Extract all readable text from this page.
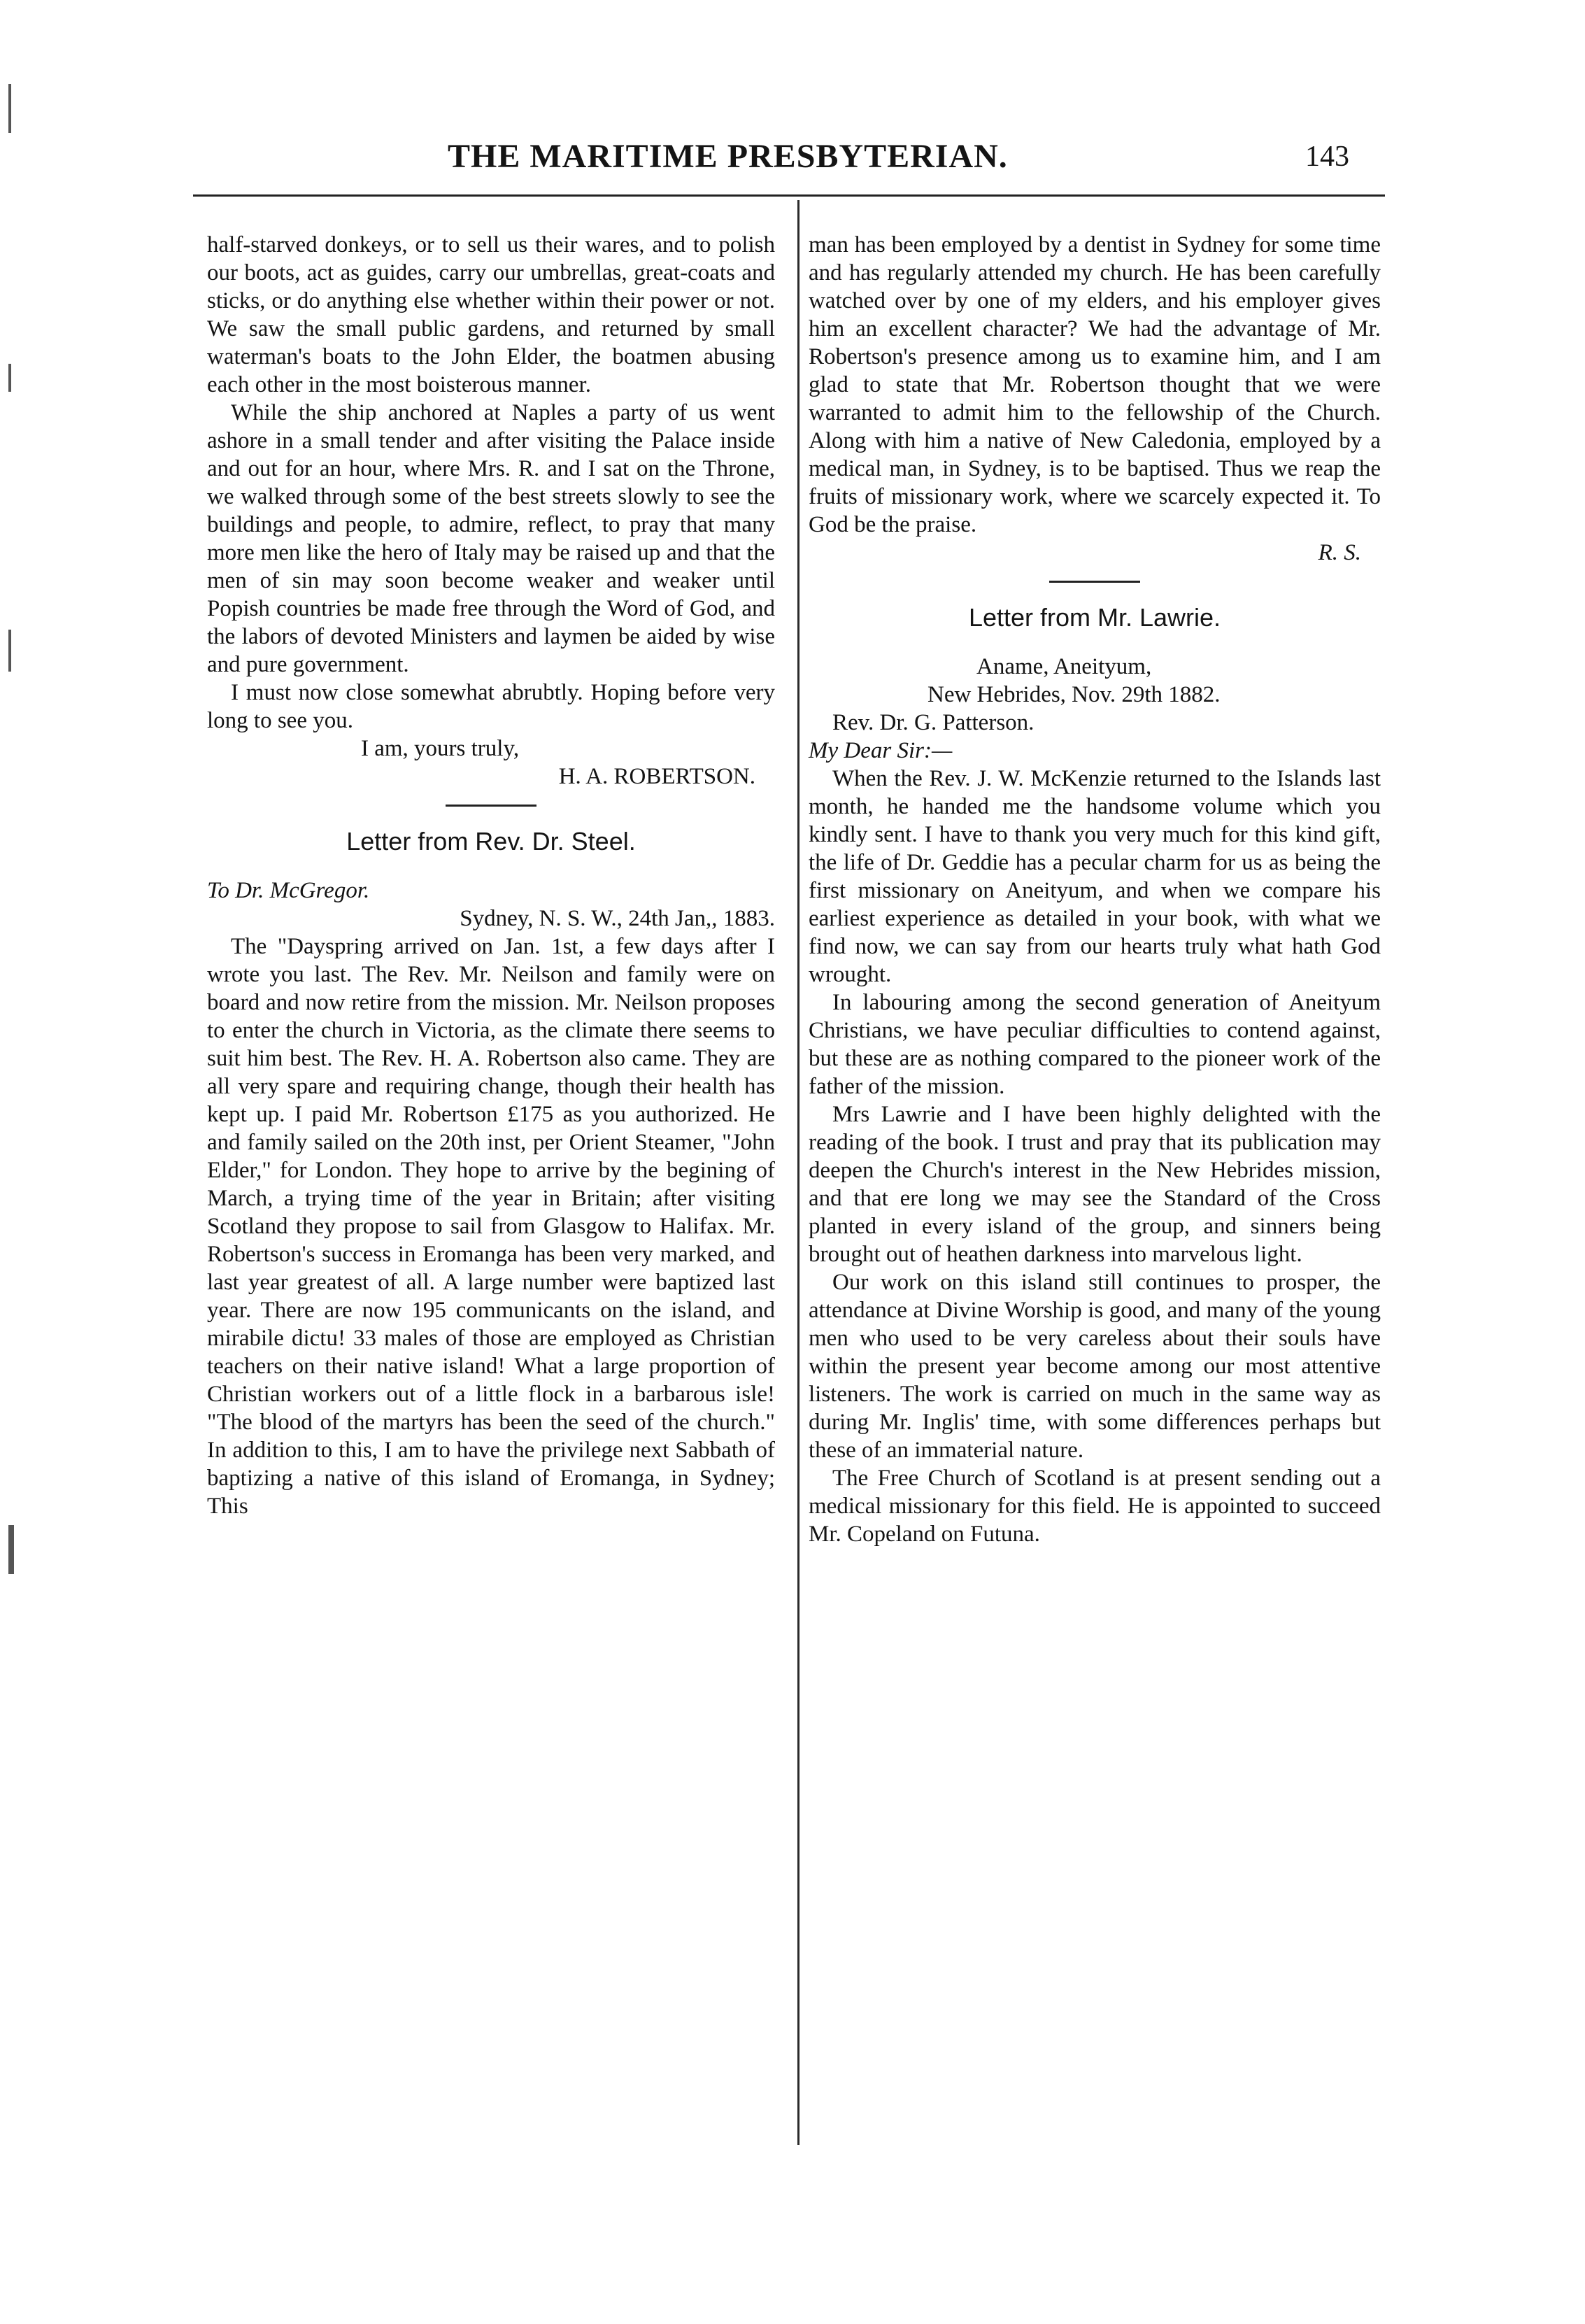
THE MARITIME PRESBYTERIAN.	143

half-starved donkeys, or to sell us their wares, and to polish our boots, act as guides, carry our umbrellas, great-coats and sticks, or do anything else whether within their power or not. We saw the small public gardens, and returned by small waterman's boats to the John Elder, the boatmen abusing each other in the most boisterous manner.

While the ship anchored at Naples a party of us went ashore in a small tender and after visiting the Palace inside and out for an hour, where Mrs. R. and I sat on the Throne, we walked through some of the best streets slowly to see the buildings and people, to admire, reflect, to pray that many more men like the hero of Italy may be raised up and that the men of sin may soon become weaker and weaker until Popish countries be made free through the Word of God, and the labors of devoted Ministers and laymen be aided by wise and pure government.

I must now close somewhat abrubtly. Hoping before very long to see you.

I am, yours truly,

H. A. ROBERTSON.

Letter from Rev. Dr. Steel.

To Dr. McGregor.

Sydney, N. S. W., 24th Jan,, 1883.

The "Dayspring arrived on Jan. 1st, a few days after I wrote you last. The Rev. Mr. Neilson and family were on board and now retire from the mission. Mr. Neilson proposes to enter the church in Victoria, as the climate there seems to suit him best. The Rev. H. A. Robertson also came. They are all very spare and requiring change, though their health has kept up. I paid Mr. Robertson £175 as you authorized. He and family sailed on the 20th inst, per Orient Steamer, "John Elder," for London. They hope to arrive by the begining of March, a trying time of the year in Britain; after visiting Scotland they propose to sail from Glasgow to Halifax. Mr. Robertson's success in Eromanga has been very marked, and last year greatest of all. A large number were baptized last year. There are now 195 communicants on the island, and mirabile dictu! 33 males of those are employed as Christian teachers on their native island! What a large proportion of Christian workers out of a little flock in a barbarous isle! "The blood of the martyrs has been the seed of the church." In addition to this, I am to have the privilege next Sabbath of baptizing a native of this island of Eromanga, in Sydney; This

man has been employed by a dentist in Sydney for some time and has regularly attended my church. He has been carefully watched over by one of my elders, and his employer gives him an excellent character? We had the advantage of Mr. Robertson's presence among us to examine him, and I am glad to state that Mr. Robertson thought that we were warranted to admit him to the fellowship of the Church. Along with him a native of New Caledonia, employed by a medical man, in Sydney, is to be baptised. Thus we reap the fruits of missionary work, where we scarcely expected it. To God be the praise.

R. S.

Letter from Mr. Lawrie.

Aname, Aneityum,

New Hebrides, Nov. 29th 1882.

Rev. Dr. G. Patterson.

My Dear Sir:—

When the Rev. J. W. McKenzie returned to the Islands last month, he handed me the handsome volume which you kindly sent. I have to thank you very much for this kind gift, the life of Dr. Geddie has a pecular charm for us as being the first missionary on Aneityum, and when we compare his earliest experience as detailed in your book, with what we find now, we can say from our hearts truly what hath God wrought.

In labouring among the second generation of Aneityum Christians, we have peculiar difficulties to contend against, but these are as nothing compared to the pioneer work of the father of the mission.

Mrs Lawrie and I have been highly delighted with the reading of the book. I trust and pray that its publication may deepen the Church's interest in the New Hebrides mission, and that ere long we may see the Standard of the Cross planted in every island of the group, and sinners being brought out of heathen darkness into marvelous light.

Our work on this island still continues to prosper, the attendance at Divine Worship is good, and many of the young men who used to be very careless about their souls have within the present year become among our most attentive listeners. The work is carried on much in the same way as during Mr. Inglis' time, with some differences perhaps but these of an immaterial nature.

The Free Church of Scotland is at present sending out a medical missionary for this field. He is appointed to succeed Mr. Copeland on Futuna.
